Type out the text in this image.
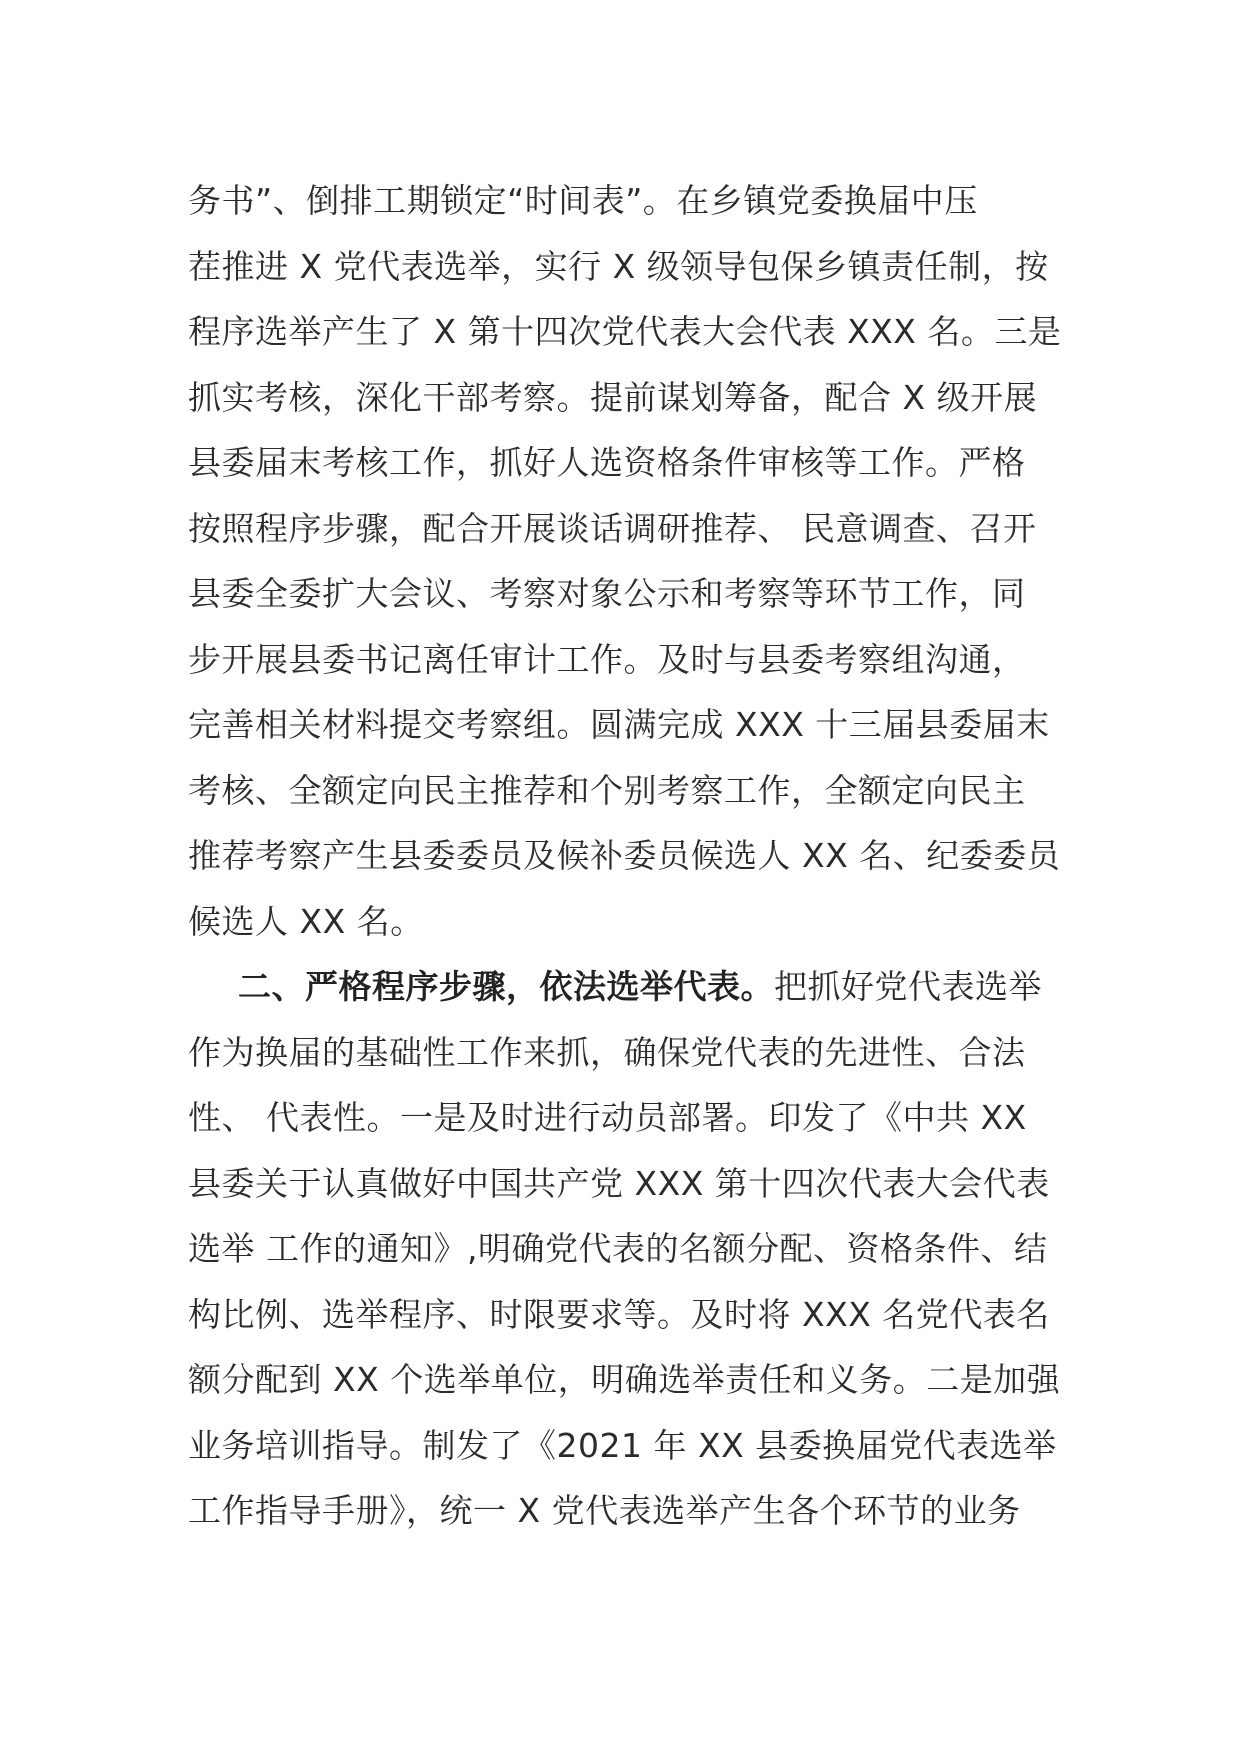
务书”、倒排工期锁定“时间表”。在乡镇党委换届中压
茬推进 X 党代表选举，实行 X 级领导包保乡镇责任制，按
程序选举产生了 X 第十四次党代表大会代表 XXX 名。三是
抓实考核，深化干部考察。提前谋划筹备，配合 X 级开展
县委届末考核工作，抓好人选资格条件审核等工作。严格
按照程序步骤，配合开展谈话调研推荐、 民意调查、召开
县委全委扩大会议、考察对象公示和考察等环节工作，同
步开展县委书记离任审计工作。及时与县委考察组沟通，
完善相关材料提交考察组。圆满完成 XXX 十三届县委届末
考核、全额定向民主推荐和个别考察工作，全额定向民主
推荐考察产生县委委员及候补委员候选人 XX 名、纪委委员
候选人 XX 名。
二、严格程序步骤，依法选举代表。把抓好党代表选举
作为换届的基础性工作来抓，确保党代表的先进性、合法
性、 代表性。一是及时进行动员部署。印发了《中共 XX
县委关于认真做好中国共产党 XXX 第十四次代表大会代表
选举 工作的通知》,明确党代表的名额分配、资格条件、结
构比例、选举程序、时限要求等。及时将 XXX 名党代表名
额分配到 XX 个选举单位，明确选举责任和义务。二是加强
业务培训指导。制发了《2021 年 XX 县委换届党代表选举
工作指导手册》，统一 X 党代表选举产生各个环节的业务
